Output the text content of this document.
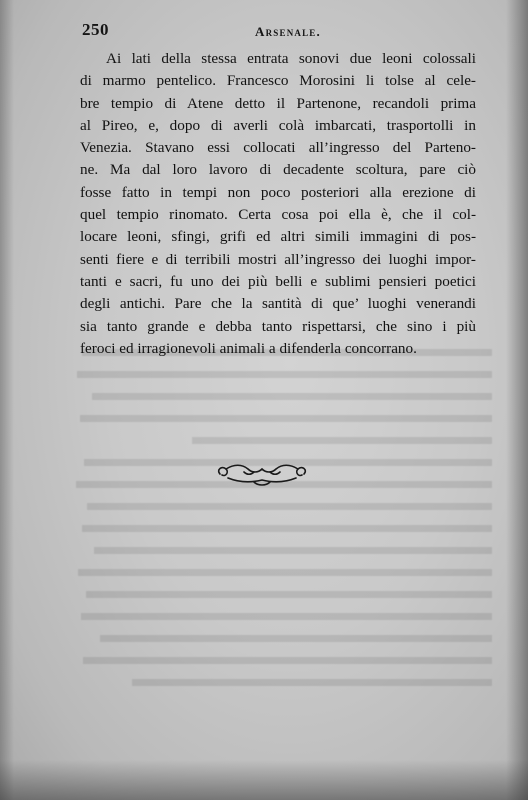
250	Arsenale.
Ai lati della stessa entrata sonovi due leoni colossali
di marmo pentelico. Francesco Morosini li tolse al cele-
bre tempio di Atene detto il Partenone, recandoli prima
al Pireo, e, dopo di averli colà imbarcati, trasportolli in
Venezia. Stavano essi collocati all’ingresso del Parteno-
ne. Ma dal loro lavoro di decadente scoltura, pare ciò
fosse fatto in tempi non poco posteriori alla erezione di
quel tempio rinomato. Certa cosa poi ella è, che il col-
locare leoni, sfingi, grifi ed altri simili immagini di pos-
senti fiere e di terribili mostri all’ingresso dei luoghi impor-
tanti e sacri, fu uno dei più belli e sublimi pensieri poetici
degli antichi. Pare che la santità di que’ luoghi venerandi
sia tanto grande e debba tanto rispettarsi, che sino i più
feroci ed irragionevoli animali a difenderla concorrano.
